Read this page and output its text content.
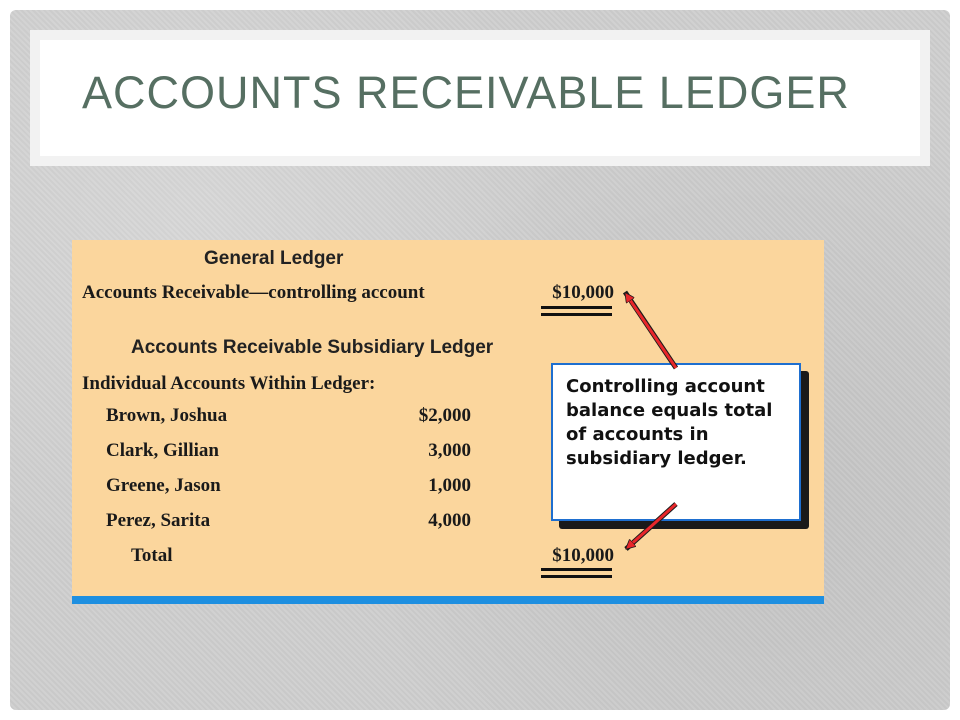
ACCOUNTS RECEIVABLE LEDGER
General Ledger
Accounts Receivable—controlling account	$10,000
Accounts Receivable Subsidiary Ledger
Individual Accounts Within Ledger:
Brown, Joshua	$2,000
Clark, Gillian	3,000
Greene, Jason	1,000
Perez, Sarita	4,000
Total	$10,000
Controlling account balance equals total of accounts in subsidiary ledger.
